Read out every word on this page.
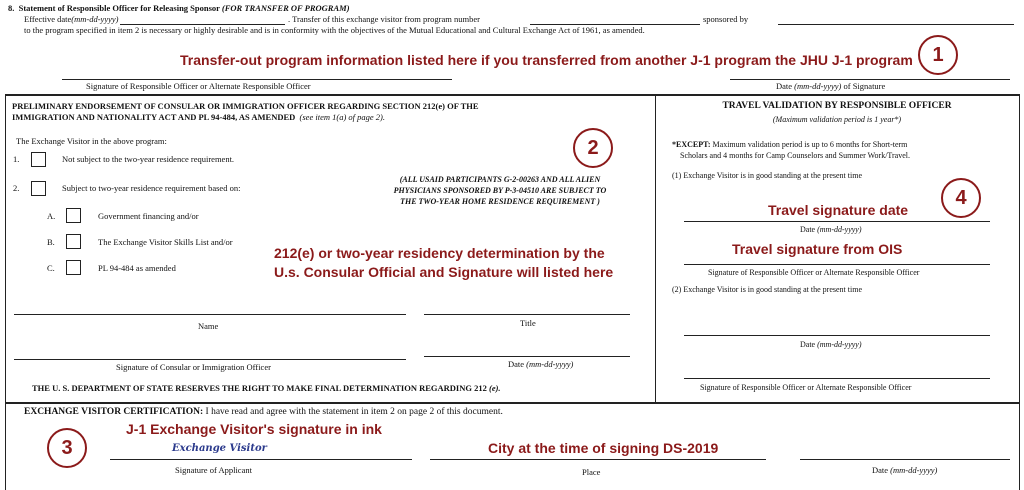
8. Statement of Responsible Officer for Releasing Sponsor (FOR TRANSFER OF PROGRAM)
Effective date(mm-dd-yyyy)	. Transfer of this exchange visitor from program number	sponsored by
to the program specified in item 2 is necessary or highly desirable and is in conformity with the objectives of the Mutual Educational and Cultural Exchange Act of 1961, as amended.
Transfer-out program information listed here if you transferred from another J-1 program the JHU J-1 program 1
Signature of Responsible Officer or Alternate Responsible Officer	Date (mm-dd-yyyy) of Signature
PRELIMINARY ENDORSEMENT OF CONSULAR OR IMMIGRATION OFFICER REGARDING SECTION 212(e) OF THE
IMMIGRATION AND NATIONALITY ACT AND PL 94-484, AS AMENDED (see item 1(a) of page 2).
2
The Exchange Visitor in the above program:
1.	Not subject to the two-year residence requirement.
2.	Subject to two-year residence requirement based on:
A.	Government financing and/or
B.	The Exchange Visitor Skills List and/or
C.	PL 94-484 as amended
(ALL USAID PARTICIPANTS G-2-00263 AND ALL ALIEN
PHYSICIANS SPONSORED BY P-3-04510 ARE SUBJECT TO
THE TWO-YEAR HOME RESIDENCE REQUIREMENT )
212(e) or two-year residency determination by the
U.s. Consular Official and Signature will listed here
Name	Title
Signature of Consular or Immigration Officer	Date (mm-dd-yyyy)
THE U. S. DEPARTMENT OF STATE RESERVES THE RIGHT TO MAKE FINAL DETERMINATION REGARDING 212 (e).
TRAVEL VALIDATION BY RESPONSIBLE OFFICER
(Maximum validation period is 1 year*)
*EXCEPT: Maximum validation period is up to 6 months for Short-term
Scholars and 4 months for Camp Counselors and Summer Work/Travel.
(1) Exchange Visitor is in good standing at the present time
4
Travel signature date
Date (mm-dd-yyyy)
Travel signature from OIS
Signature of Responsible Officer or Alternate Responsible Officer
(2) Exchange Visitor is in good standing at the present time
Date (mm-dd-yyyy)
Signature of Responsible Officer or Alternate Responsible Officer
EXCHANGE VISITOR CERTIFICATION: I have read and agree with the statement in item 2 on page 2 of this document.
J-1 Exchange Visitor's signature in ink
3	Exchange Visitor	City at the time of signing DS-2019
Signature of Applicant	Place	Date (mm-dd-yyyy)
